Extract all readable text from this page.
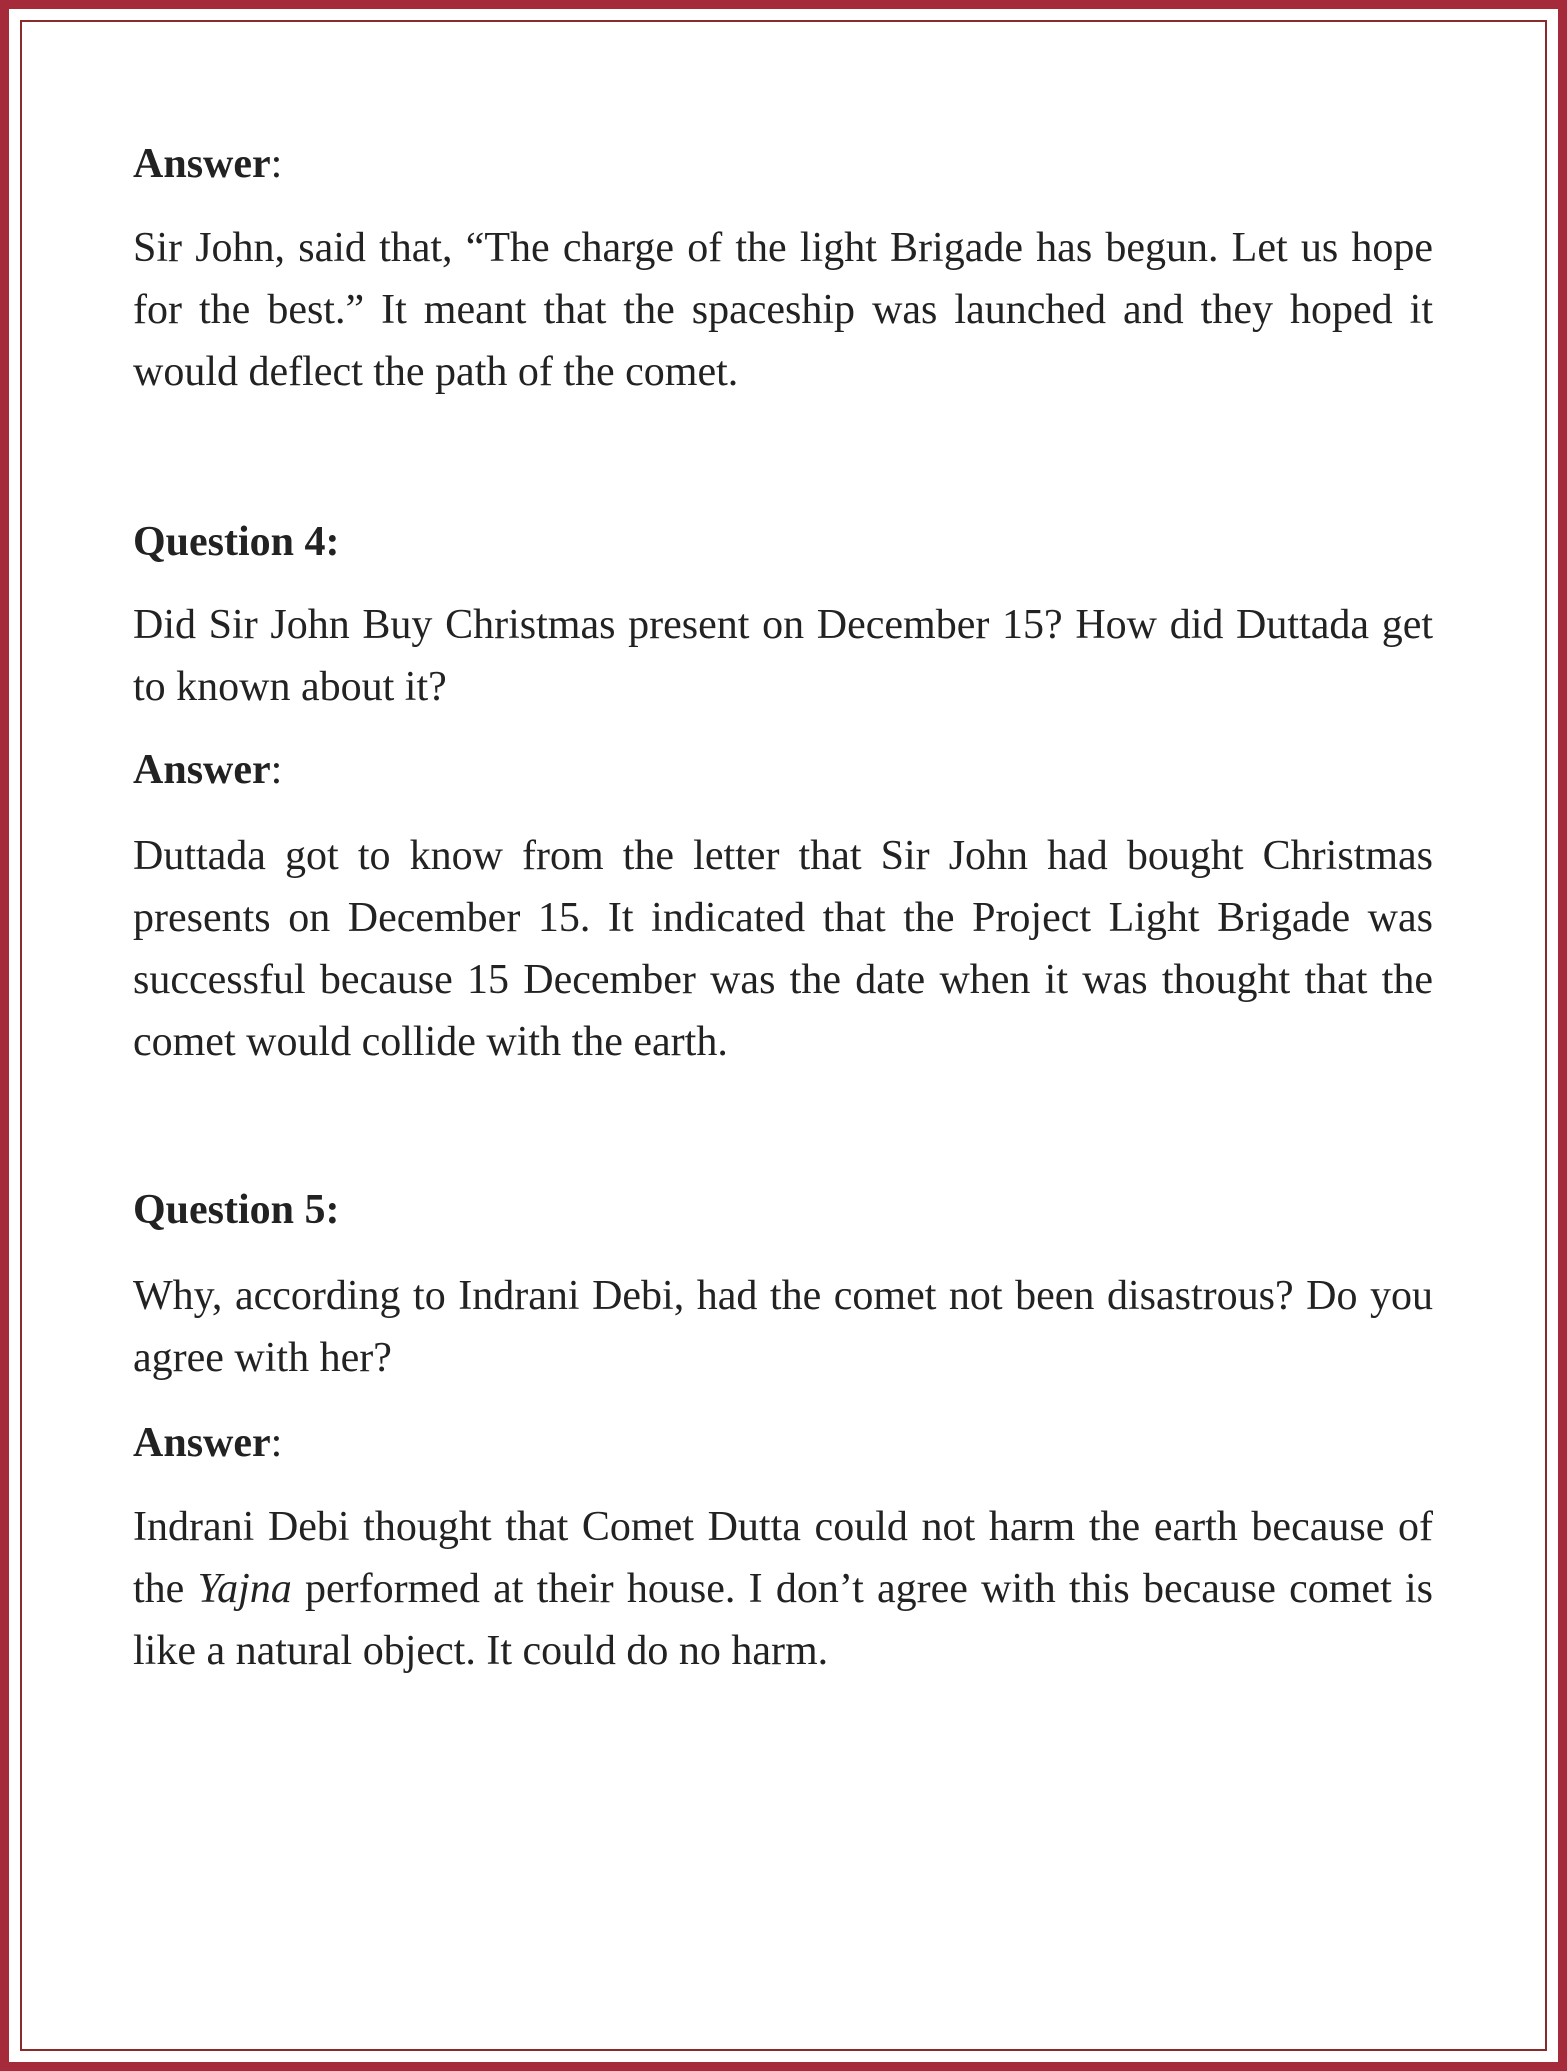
Answer:
Sir John, said that, “The charge of the light Brigade has begun. Let us hope for the best.” It meant that the spaceship was launched and they hoped it would deflect the path of the comet.
Question 4:
Did Sir John Buy Christmas present on December 15? How did Duttada get to known about it?
Answer:
Duttada got to know from the letter that Sir John had bought Christmas presents on December 15. It indicated that the Project Light Brigade was successful because 15 December was the date when it was thought that the comet would collide with the earth.
Question 5:
Why, according to Indrani Debi, had the comet not been disastrous? Do you agree with her?
Answer:
Indrani Debi thought that Comet Dutta could not harm the earth because of the Yajna performed at their house. I don’t agree with this because comet is like a natural object. It could do no harm.
